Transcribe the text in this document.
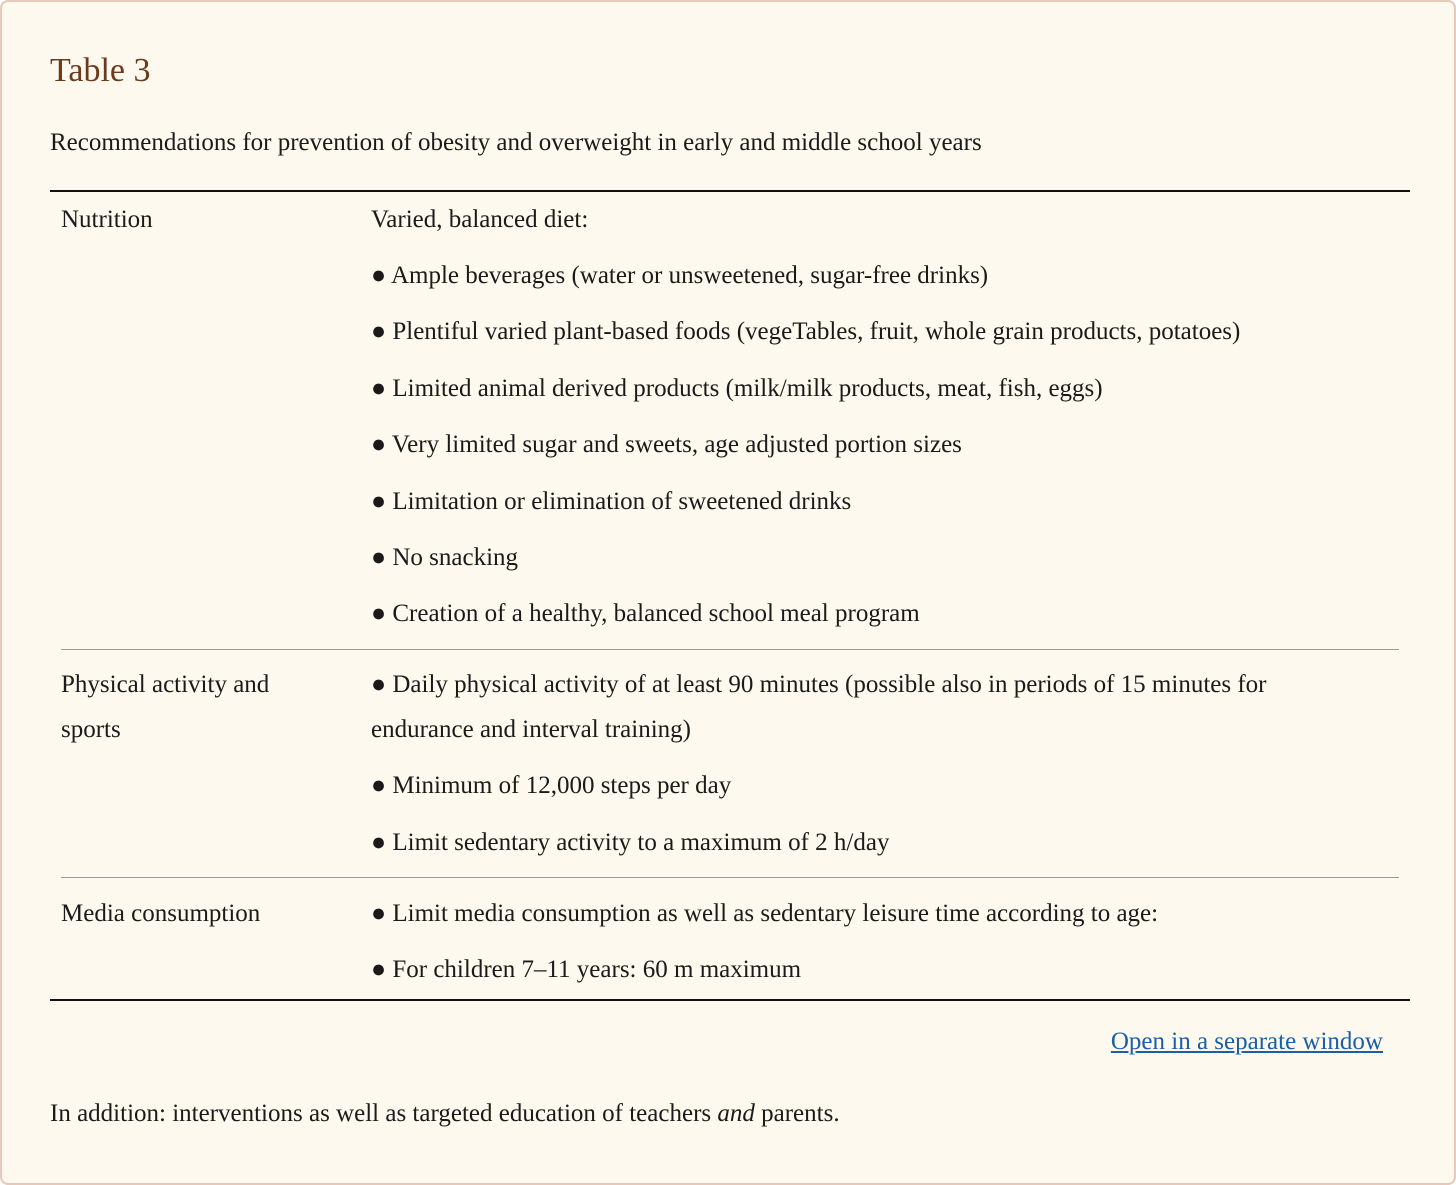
Table 3

Recommendations for prevention of obesity and overweight in early and middle school years

Nutrition	Varied, balanced diet:
● Ample beverages (water or unsweetened, sugar-free drinks)
● Plentiful varied plant-based foods (vegeTables, fruit, whole grain products, potatoes)
● Limited animal derived products (milk/milk products, meat, fish, eggs)
● Very limited sugar and sweets, age adjusted portion sizes
● Limitation or elimination of sweetened drinks
● No snacking
● Creation of a healthy, balanced school meal program
Physical activity and sports
● Daily physical activity of at least 90 minutes (possible also in periods of 15 minutes for endurance and interval training)
● Minimum of 12,000 steps per day
● Limit sedentary activity to a maximum of 2 h/day
Media consumption	● Limit media consumption as well as sedentary leisure time according to age:
● For children 7–11 years: 60 m maximum
Open in a separate window

In addition: interventions as well as targeted education of teachers and parents.
